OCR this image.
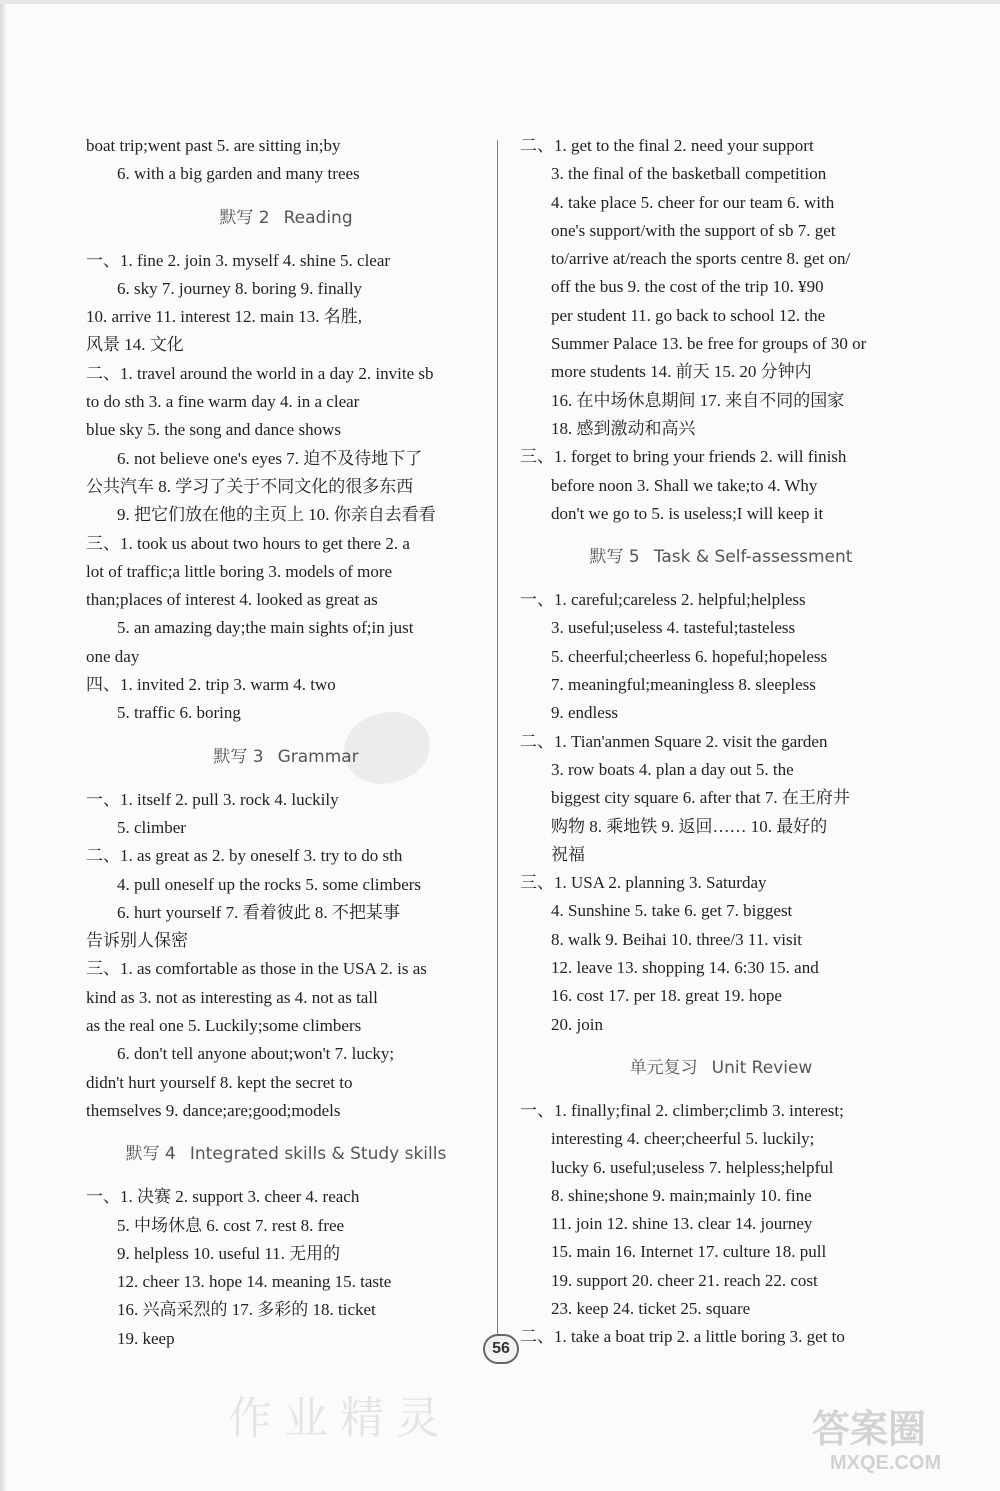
作业精灵	答案圈
MXQE.COM
boat trip;went past 5. are sitting in;by
6. with a big garden and many trees
默写 2 Reading
一、1. fine 2. join 3. myself 4. shine 5. clear
6. sky 7. journey 8. boring 9. finally
10. arrive 11. interest 12. main 13. 名胜,
风景 14. 文化
二、1. travel around the world in a day 2. invite sb
to do sth 3. a fine warm day 4. in a clear
blue sky 5. the song and dance shows
6. not believe one's eyes 7. 迫不及待地下了
公共汽车 8. 学习了关于不同文化的很多东西
9. 把它们放在他的主页上 10. 你亲自去看看
三、1. took us about two hours to get there 2. a
lot of traffic;a little boring 3. models of more
than;places of interest 4. looked as great as
5. an amazing day;the main sights of;in just
one day
四、1. invited 2. trip 3. warm 4. two
5. traffic 6. boring
默写 3 Grammar
一、1. itself 2. pull 3. rock 4. luckily
5. climber
二、1. as great as 2. by oneself 3. try to do sth
4. pull oneself up the rocks 5. some climbers
6. hurt yourself 7. 看着彼此 8. 不把某事
告诉别人保密
三、1. as comfortable as those in the USA 2. is as
kind as 3. not as interesting as 4. not as tall
as the real one 5. Luckily;some climbers
6. don't tell anyone about;won't 7. lucky;
didn't hurt yourself 8. kept the secret to
themselves 9. dance;are;good;models
默写 4 Integrated skills & Study skills
一、1. 决赛 2. support 3. cheer 4. reach
5. 中场休息 6. cost 7. rest 8. free
9. helpless 10. useful 11. 无用的
12. cheer 13. hope 14. meaning 15. taste
16. 兴高采烈的 17. 多彩的 18. ticket
19. keep
二、1. get to the final 2. need your support
3. the final of the basketball competition
4. take place 5. cheer for our team 6. with
one's support/with the support of sb 7. get
to/arrive at/reach the sports centre 8. get on/
off the bus 9. the cost of the trip 10. ¥90
per student 11. go back to school 12. the
Summer Palace 13. be free for groups of 30 or
more students 14. 前天 15. 20 分钟内
16. 在中场休息期间 17. 来自不同的国家
18. 感到激动和高兴
三、1. forget to bring your friends 2. will finish
before noon 3. Shall we take;to 4. Why
don't we go to 5. is useless;I will keep it
默写 5 Task & Self-assessment
一、1. careful;careless 2. helpful;helpless
3. useful;useless 4. tasteful;tasteless
5. cheerful;cheerless 6. hopeful;hopeless
7. meaningful;meaningless 8. sleepless
9. endless
二、1. Tian'anmen Square 2. visit the garden
3. row boats 4. plan a day out 5. the
biggest city square 6. after that 7. 在王府井
购物 8. 乘地铁 9. 返回…… 10. 最好的
祝福
三、1. USA 2. planning 3. Saturday
4. Sunshine 5. take 6. get 7. biggest
8. walk 9. Beihai 10. three/3 11. visit
12. leave 13. shopping 14. 6:30 15. and
16. cost 17. per 18. great 19. hope
20. join
单元复习 Unit Review
一、1. finally;final 2. climber;climb 3. interest;
interesting 4. cheer;cheerful 5. luckily;
lucky 6. useful;useless 7. helpless;helpful
8. shine;shone 9. main;mainly 10. fine
11. join 12. shine 13. clear 14. journey
15. main 16. Internet 17. culture 18. pull
19. support 20. cheer 21. reach 22. cost
23. keep 24. ticket 25. square
二、1. take a boat trip 2. a little boring 3. get to
56
